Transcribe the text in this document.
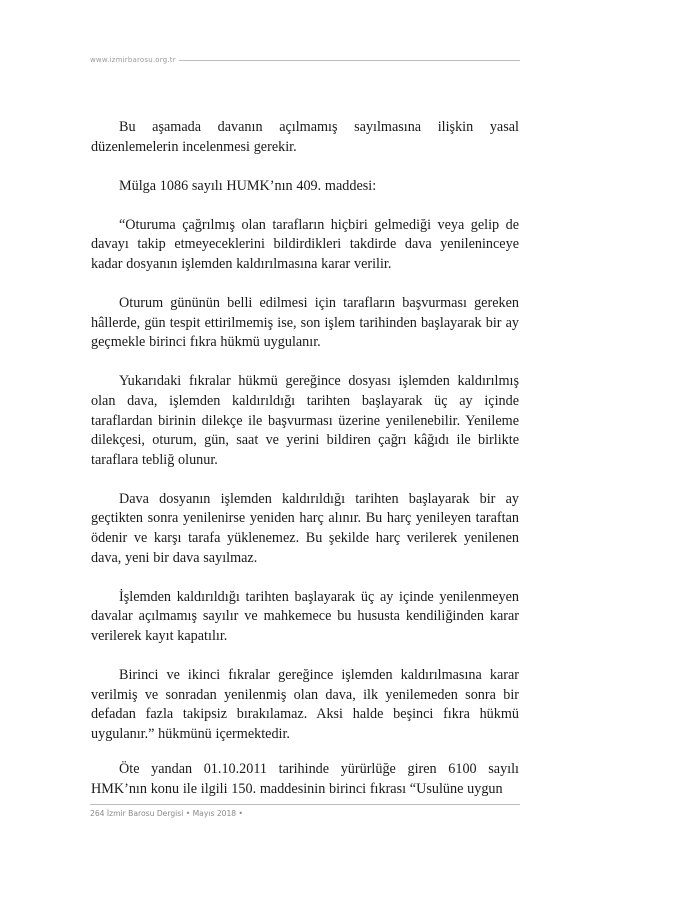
www.izmirbarosu.org.tr

Bu aşamada davanın açılmamış sayılmasına ilişkin yasal düzenlemelerin incelenmesi gerekir.

Mülga 1086 sayılı HUMK’nın 409. maddesi:

“Oturuma çağrılmış olan tarafların hiçbiri gelmediği veya gelip de davayı takip etmeyeceklerini bildirdikleri takdirde dava yenileninceye kadar dosyanın işlemden kaldırılmasına karar verilir.

Oturum gününün belli edilmesi için tarafların başvurması gereken hâllerde, gün tespit ettirilmemiş ise, son işlem tarihinden başlayarak bir ay geçmekle birinci fıkra hükmü uygulanır.

Yukarıdaki fıkralar hükmü gereğince dosyası işlemden kaldırılmış olan dava, işlemden kaldırıldığı tarihten başlayarak üç ay içinde taraflardan birinin dilekçe ile başvurması üzerine yenilenebilir. Yenileme dilekçesi, oturum, gün, saat ve yerini bildiren çağrı kâğıdı ile birlikte taraflara tebliğ olunur.

Dava dosyanın işlemden kaldırıldığı tarihten başlayarak bir ay geçtikten sonra yenilenirse yeniden harç alınır. Bu harç yenileyen taraftan ödenir ve karşı tarafa yüklenemez. Bu şekilde harç verilerek yenilenen dava, yeni bir dava sayılmaz.

İşlemden kaldırıldığı tarihten başlayarak üç ay içinde yenilenmeyen davalar açılmamış sayılır ve mahkemece bu hususta kendiliğinden karar verilerek kayıt kapatılır.

Birinci ve ikinci fıkralar gereğince işlemden kaldırılmasına karar verilmiş ve sonradan yenilenmiş olan dava, ilk yenilemeden sonra bir defadan fazla takipsiz bırakılamaz. Aksi halde beşinci fıkra hükmü uygulanır.” hükmünü içermektedir.

Öte yandan 01.10.2011 tarihinde yürürlüğe giren 6100 sayılı HMK’nın konu ile ilgili 150. maddesinin birinci fıkrası “Usulüne uygun

264 İzmir Barosu Dergisi • Mayıs 2018 •
